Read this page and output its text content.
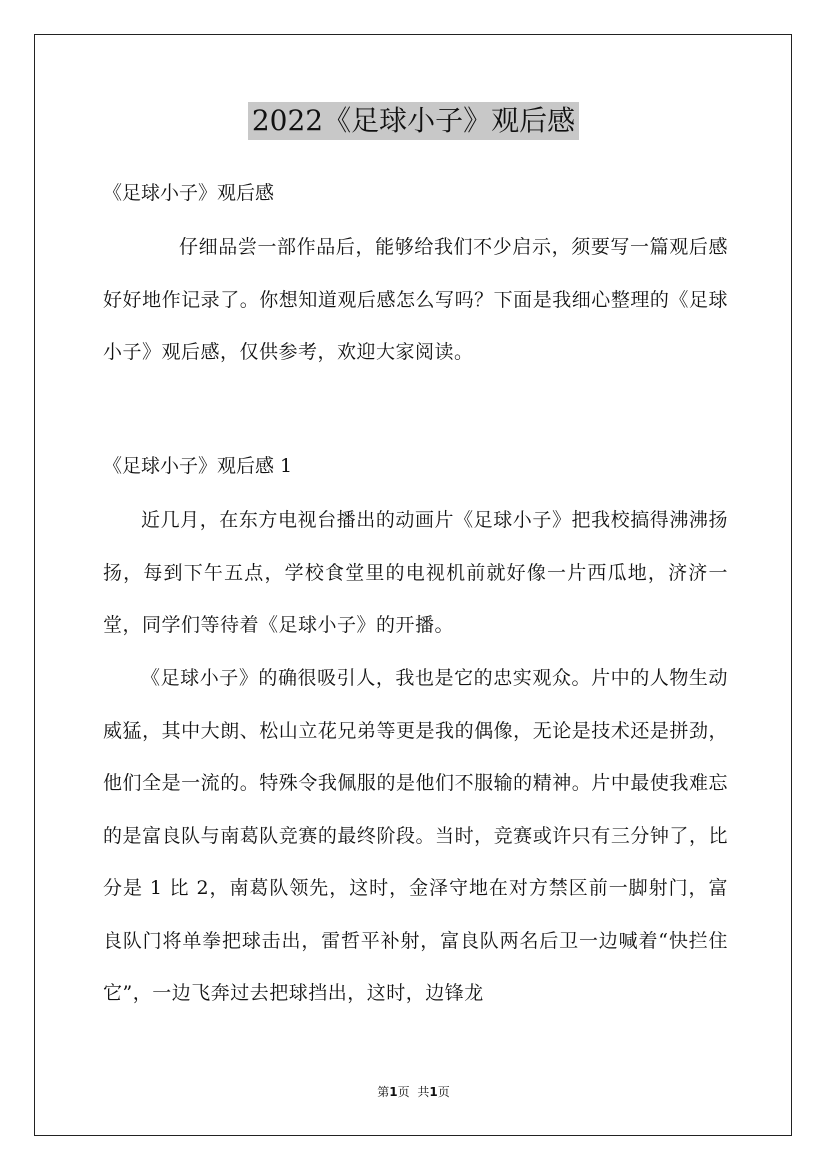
2022《足球小子》观后感
《足球小子》观后感
仔细品尝一部作品后，能够给我们不少启示，须要写一篇观后感好好地作记录了。你想知道观后感怎么写吗？下面是我细心整理的《足球小子》观后感，仅供参考，欢迎大家阅读。
《足球小子》观后感 1
近几月，在东方电视台播出的动画片《足球小子》把我校搞得沸沸扬扬，每到下午五点，学校食堂里的电视机前就好像一片西瓜地，济济一堂，同学们等待着《足球小子》的开播。
《足球小子》的确很吸引人，我也是它的忠实观众。片中的人物生动威猛，其中大朗、松山立花兄弟等更是我的偶像，无论是技术还是拼劲，他们全是一流的。特殊令我佩服的是他们不服输的精神。片中最使我难忘的是富良队与南葛队竞赛的最终阶段。当时，竞赛或许只有三分钟了，比分是 1 比 2，南葛队领先，这时，金泽守地在对方禁区前一脚射门，富良队门将单拳把球击出，雷哲平补射，富良队两名后卫一边喊着“快拦住它”，一边飞奔过去把球挡出，这时，边锋龙
第1页 共1页
